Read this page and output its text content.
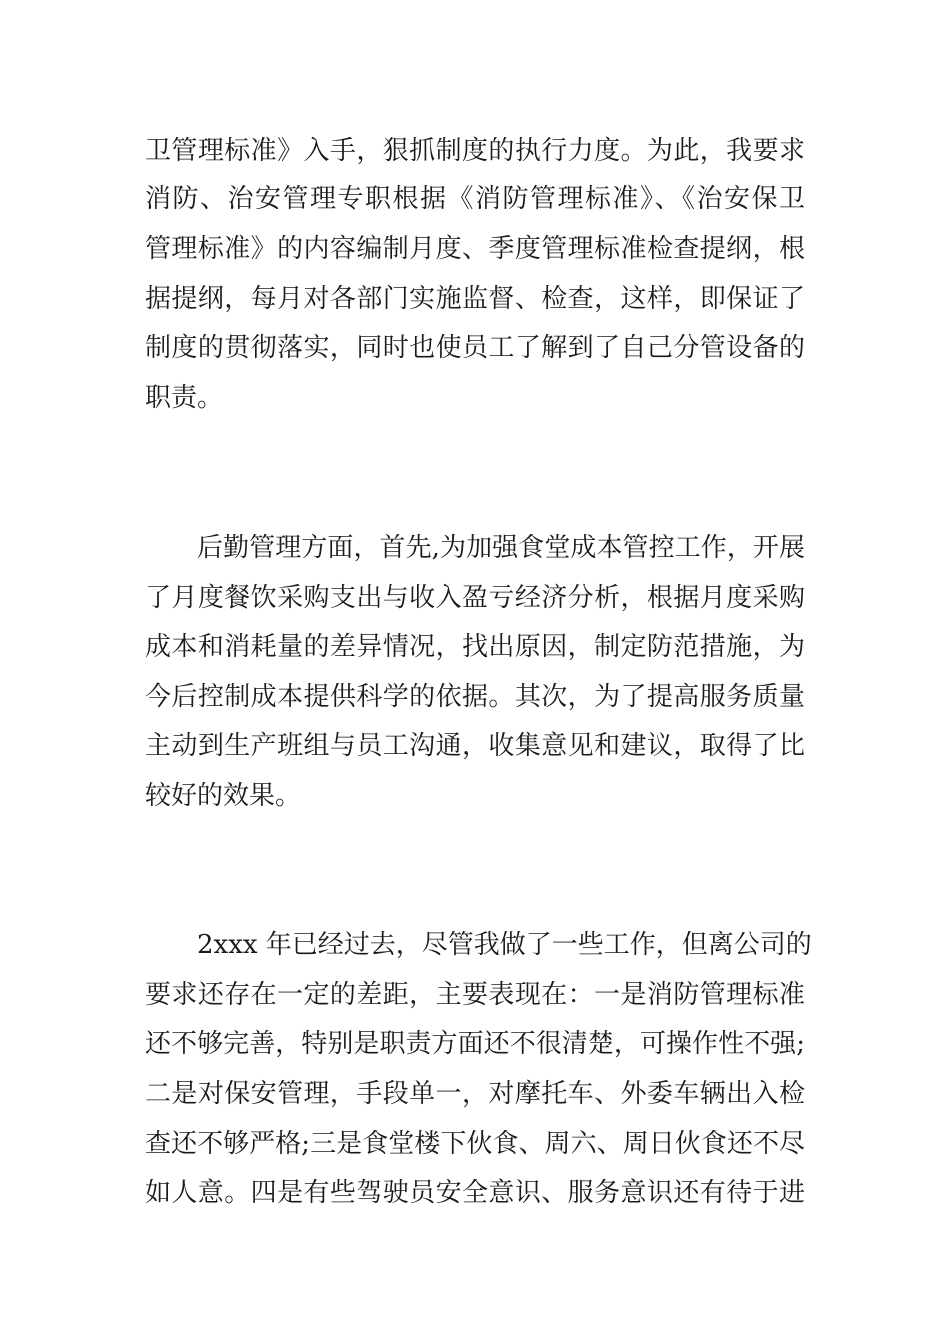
卫管理标准》入手，狠抓制度的执行力度。为此，我要求
消防、治安管理专职根据《消防管理标准》、《治安保卫
管理标准》的内容编制月度、季度管理标准检查提纲，根
据提纲，每月对各部门实施监督、检查，这样，即保证了
制度的贯彻落实，同时也使员工了解到了自己分管设备的
职责。
后勤管理方面，首先,为加强食堂成本管控工作，开展
了月度餐饮采购支出与收入盈亏经济分析，根据月度采购
成本和消耗量的差异情况，找出原因，制定防范措施，为
今后控制成本提供科学的依据。其次，为了提高服务质量
主动到生产班组与员工沟通，收集意见和建议，取得了比
较好的效果。
2xxx 年已经过去，尽管我做了一些工作，但离公司的
要求还存在一定的差距，主要表现在：一是消防管理标准
还不够完善，特别是职责方面还不很清楚，可操作性不强;
二是对保安管理，手段单一，对摩托车、外委车辆出入检
查还不够严格;三是食堂楼下伙食、周六、周日伙食还不尽
如人意。四是有些驾驶员安全意识、服务意识还有待于进
